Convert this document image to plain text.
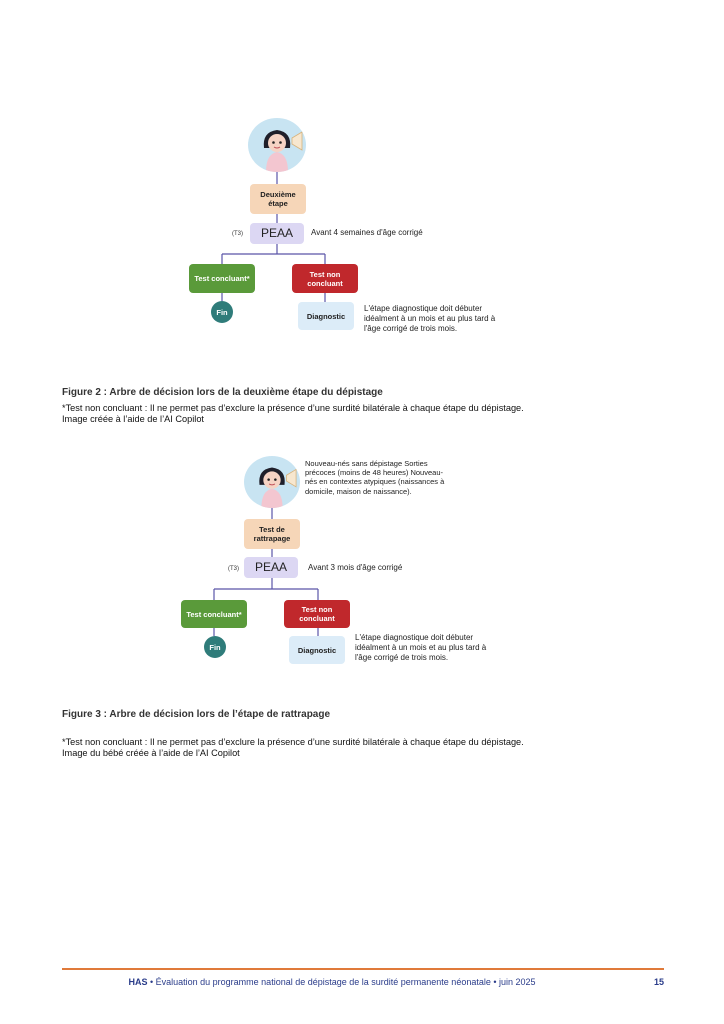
Deuxième étape
(T3)	PEAA	Avant 4 semaines d'âge corrigé
Test concluant*	Test non concluant
Fin	Diagnostic
L'étape diagnostique doit débuter idéalment à un mois et au plus tard à l'âge corrigé de trois mois.
Figure 2 : Arbre de décision lors de la deuxième étape du dépistage
*Test non concluant : Il ne permet pas d’exclure la présence d’une surdité bilatérale à chaque étape du dépistage.
Image créée à l’aide de l’AI Copilot
Nouveau-nés sans dépistage Sorties précoces (moins de 48 heures) Nouveau-nés en contextes atypiques (naissances à domicile, maison de naissance).
Test de rattrapage
(T3)	PEAA	Avant 3 mois d'âge corrigé
Test concluant*	Test non concluant
Fin	Diagnostic
L'étape diagnostique doit débuter idéalment à un mois et au plus tard à l'âge corrigé de trois mois.
Figure 3 : Arbre de décision lors de l’étape de rattrapage
*Test non concluant : Il ne permet pas d’exclure la présence d’une surdité bilatérale à chaque étape du dépistage.
Image du bébé créée à l’aide de l’AI Copilot
HAS • Évaluation du programme national de dépistage de la surdité permanente néonatale • juin 2025	15
